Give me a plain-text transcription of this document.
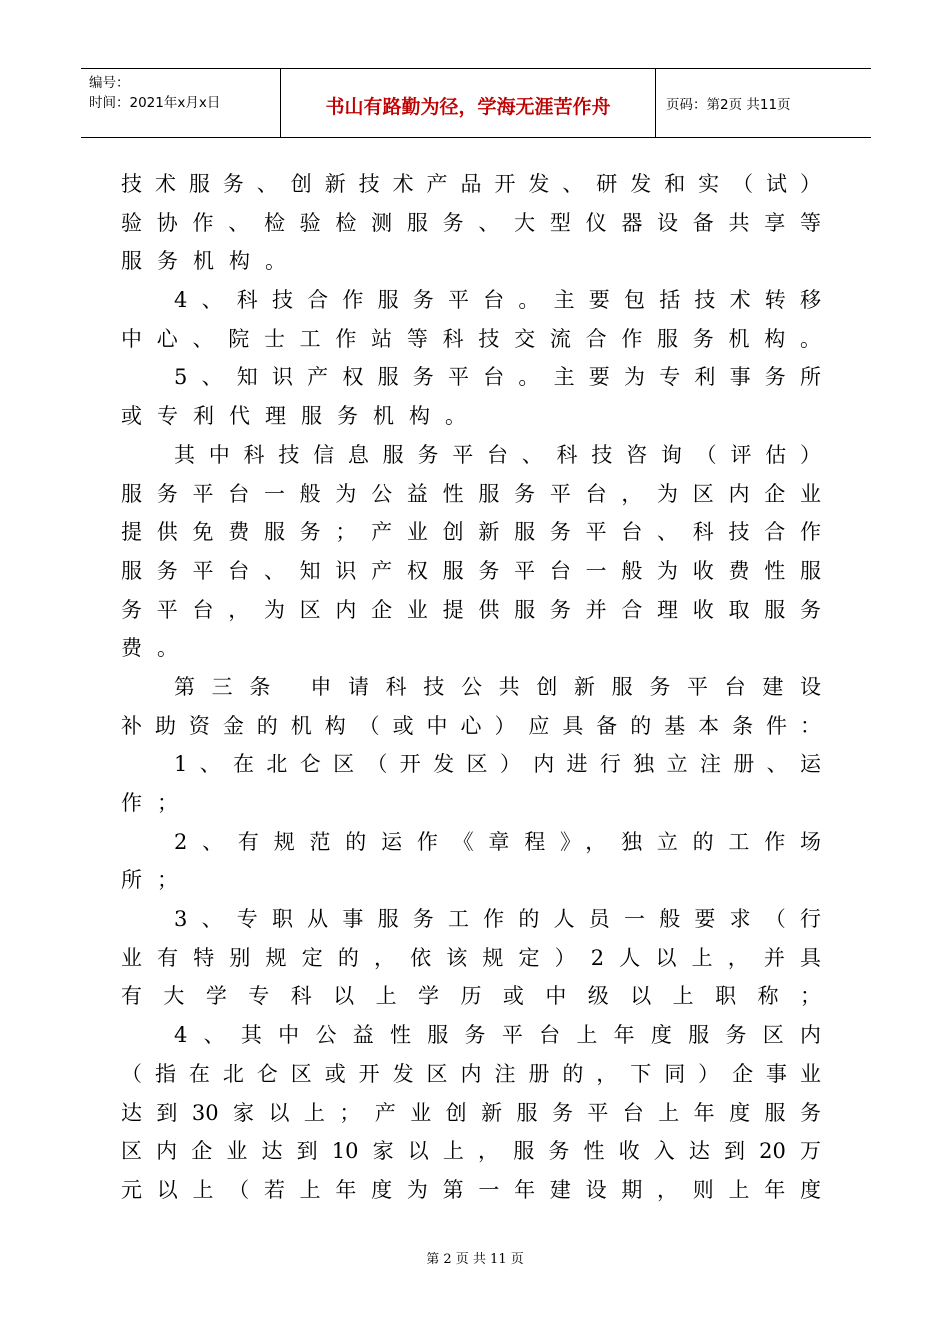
编号：
时间：2021年x月x日	书山有路勤为径，学海无涯苦作舟	页码：第2页 共11页
技术服务、创新技术产品开发、研发和实（试）
验协作、检验检测服务、大型仪器设备共享等
服务机构。
4、科技合作服务平台。主要包括技术转移
中心、院士工作站等科技交流合作服务机构。
5、知识产权服务平台。主要为专利事务所
或专利代理服务机构。
其中科技信息服务平台、科技咨询（评估）
服务平台一般为公益性服务平台，为区内企业
提供免费服务；产业创新服务平台、科技合作
服务平台、知识产权服务平台一般为收费性服
务平台，为区内企业提供服务并合理收取服务
费。
第三条 申请科技公共创新服务平台建设
补助资金的机构（或中心）应具备的基本条件：
1、在北仑区（开发区）内进行独立注册、运
作；
2、有规范的运作《章程》，独立的工作场
所；
3、专职从事服务工作的人员一般要求（行
业有特别规定的，依该规定）2人以上，并具
有大学专科以上学历或中级以上职称；
4、其中公益性服务平台上年度服务区内
（指在北仑区或开发区内注册的，下同）企事业
达到30家以上；产业创新服务平台上年度服务
区内企业达到10家以上，服务性收入达到20万
元以上（若上年度为第一年建设期，则上年度
第 2 页 共 11 页
